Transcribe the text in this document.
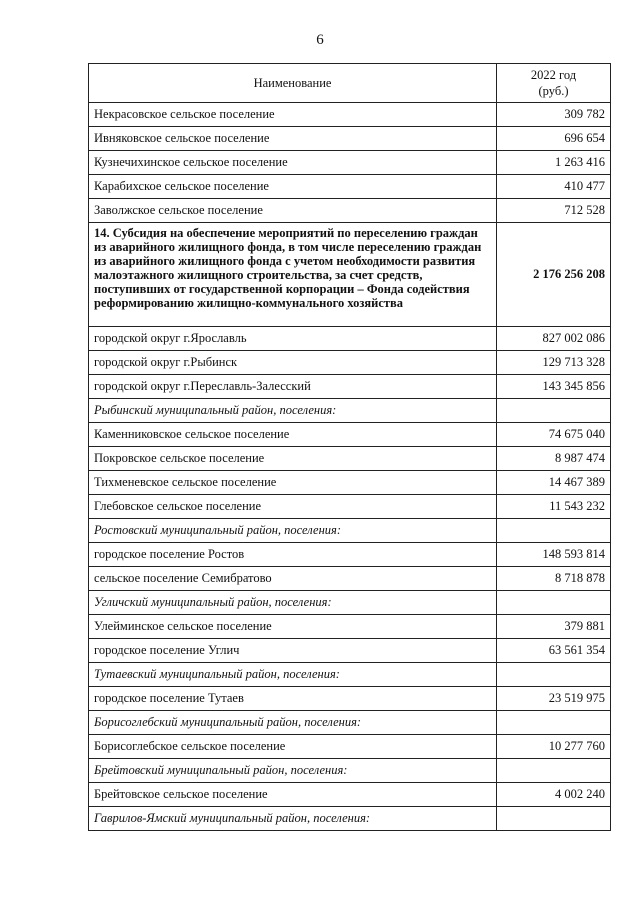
6
Наименование	2022 год
(руб.)
Некрасовское сельское поселение	309 782
Ивняковское сельское поселение	696 654
Кузнечихинское сельское поселение	1 263 416
Карабихское сельское поселение	410 477
Заволжское сельское поселение	712 528
14. Субсидия на обеспечение мероприятий по переселению граждан из аварийного жилищного фонда, в том числе переселению граждан из аварийного жилищного фонда с учетом необходимости развития малоэтажного жилищного строительства, за счет средств, поступивших от государственной корпорации – Фонда содействия реформированию жилищно-коммунального хозяйства	2 176 256 208
городской округ г.Ярославль	827 002 086
городской округ г.Рыбинск	129 713 328
городской округ г.Переславль-Залесский	143 345 856
Рыбинский муниципальный район, поселения:	
Каменниковское сельское поселение	74 675 040
Покровское сельское поселение	8 987 474
Тихменевское сельское поселение	14 467 389
Глебовское сельское поселение	11 543 232
Ростовский муниципальный район, поселения:	
городское поселение Ростов	148 593 814
сельское поселение Семибратово	8 718 878
Угличский муниципальный район, поселения:	
Улейминское сельское поселение	379 881
городское поселение Углич	63 561 354
Тутаевский муниципальный район, поселения:	
городское поселение Тутаев	23 519 975
Борисоглебский муниципальный район, поселения:	
Борисоглебское сельское поселение	10 277 760
Брейтовский муниципальный район, поселения:	
Брейтовское сельское поселение	4 002 240
Гаврилов-Ямский муниципальный район, поселения:	
